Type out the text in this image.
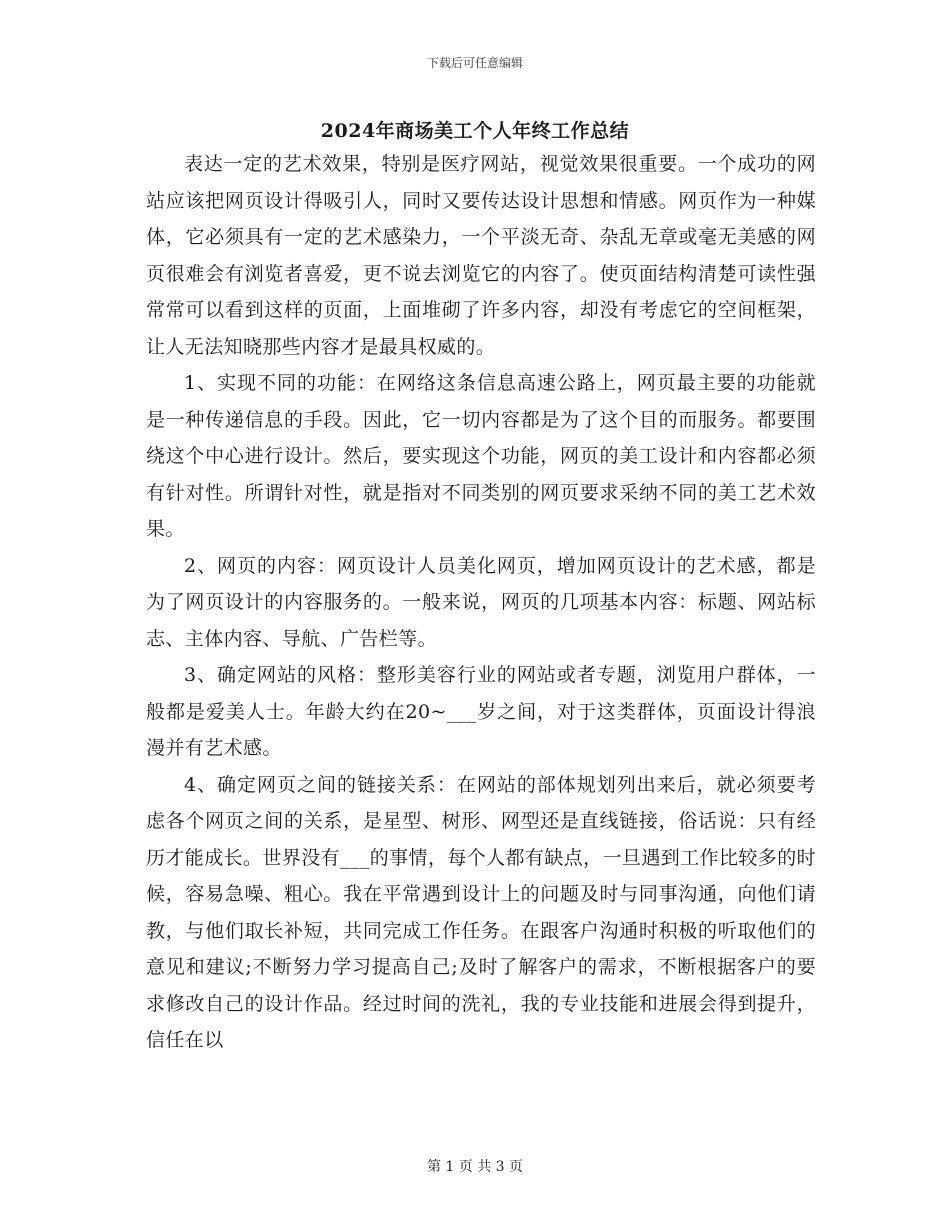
下载后可任意编辑
2024年商场美工个人年终工作总结

表达一定的艺术效果，特别是医疗网站，视觉效果很重要。一个成功的网站应该把网页设计得吸引人，同时又要传达设计思想和情感。网页作为一种媒体，它必须具有一定的艺术感染力，一个平淡无奇、杂乱无章或毫无美感的网页很难会有浏览者喜爱，更不说去浏览它的内容了。使页面结构清楚可读性强常常可以看到这样的页面，上面堆砌了许多内容，却没有考虑它的空间框架，让人无法知晓那些内容才是最具权威的。

1、实现不同的功能：在网络这条信息高速公路上，网页最主要的功能就是一种传递信息的手段。因此，它一切内容都是为了这个目的而服务。都要围绕这个中心进行设计。然后，要实现这个功能，网页的美工设计和内容都必须有针对性。所谓针对性，就是指对不同类别的网页要求采纳不同的美工艺术效果。

2、网页的内容：网页设计人员美化网页，增加网页设计的艺术感，都是为了网页设计的内容服务的。一般来说，网页的几项基本内容：标题、网站标志、主体内容、导航、广告栏等。

3、确定网站的风格：整形美容行业的网站或者专题，浏览用户群体，一般都是爱美人士。年龄大约在20~___岁之间，对于这类群体，页面设计得浪漫并有艺术感。

4、确定网页之间的链接关系：在网站的部体规划列出来后，就必须要考虑各个网页之间的关系，是星型、树形、网型还是直线链接，俗话说：只有经历才能成长。世界没有___的事情，每个人都有缺点，一旦遇到工作比较多的时候，容易急噪、粗心。我在平常遇到设计上的问题及时与同事沟通，向他们请教，与他们取长补短，共同完成工作任务。在跟客户沟通时积极的听取他们的意见和建议;不断努力学习提高自己;及时了解客户的需求，不断根据客户的要求修改自己的设计作品。经过时间的洗礼，我的专业技能和进展会得到提升，信任在以

第 1 页 共 3 页
